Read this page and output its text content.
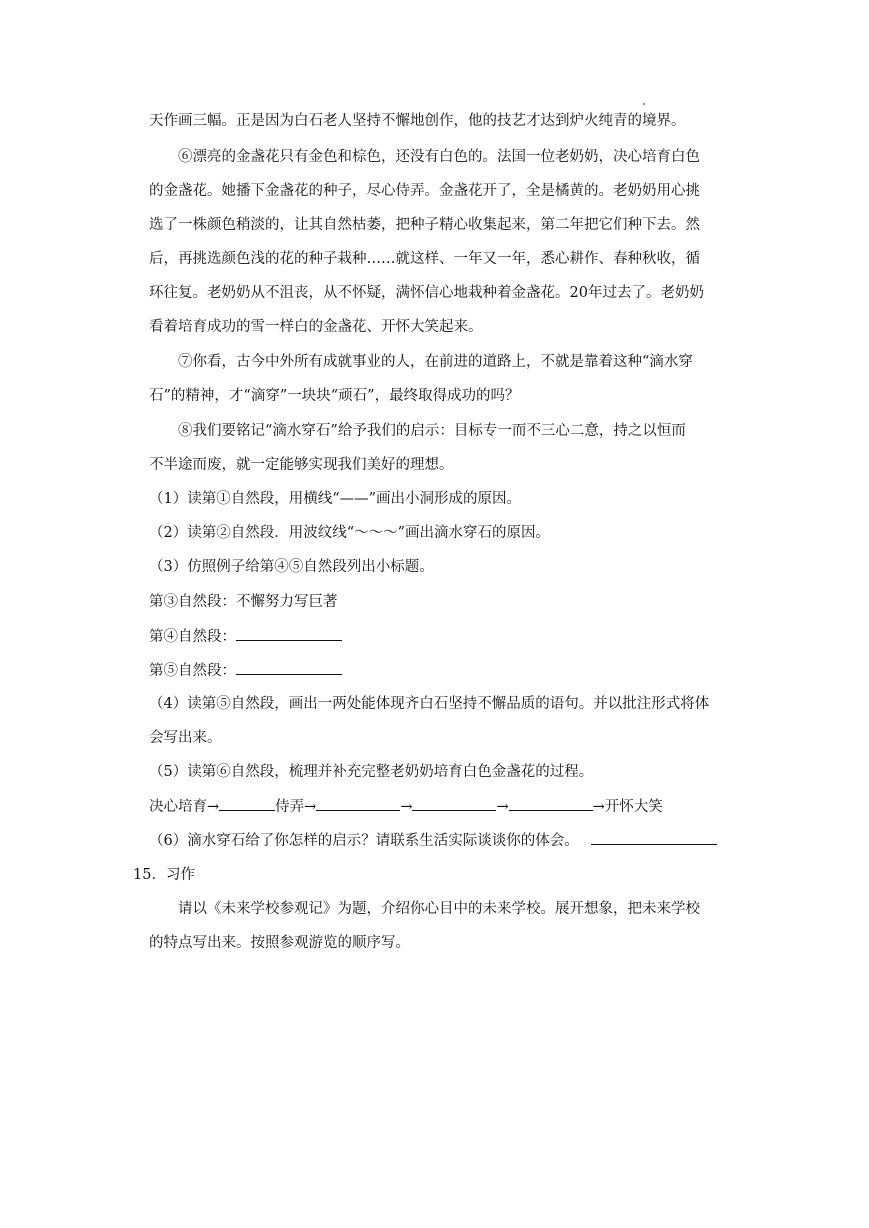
天作画三幅。正是因为白石老人坚持不懈地创作，他的技艺才达到炉火纯青的境界。
⑥漂亮的金盏花只有金色和棕色，还没有白色的。法国一位老奶奶，决心培育白色
的金盏花。她播下金盏花的种子，尽心侍弄。金盏花开了，全是橘黄的。老奶奶用心挑
选了一株颜色稍淡的，让其自然枯萎，把种子精心收集起来，第二年把它们种下去。然
后，再挑选颜色浅的花的种子栽种……就这样、一年又一年，悉心耕作、春种秋收，循
环往复。老奶奶从不沮丧，从不怀疑，满怀信心地栽种着金盏花。20年过去了。老奶奶
看着培育成功的雪一样白的金盏花、开怀大笑起来。
⑦你看，古今中外所有成就事业的人，在前进的道路上，不就是靠着这种“滴水穿
石”的精神，才“滴穿”一块块“顽石”，最终取得成功的吗？
⑧我们要铭记“滴水穿石”给予我们的启示：目标专一而不三心二意，持之以恒而
不半途而废，就一定能够实现我们美好的理想。
（1）读第①自然段，用横线“——”画出小洞形成的原因。
（2）读第②自然段．用波纹线“～～～”画出滴水穿石的原因。
（3）仿照例子给第④⑤自然段列出小标题。
第③自然段：不懈努力写巨著
第④自然段：
第⑤自然段：
（4）读第⑤自然段，画出一两处能体现齐白石坚持不懈品质的语句。并以批注形式将体
会写出来。
（5）读第⑥自然段，梳理并补充完整老奶奶培育白色金盏花的过程。
决心培育→	侍弄→	→	→	→开怀大笑
（6）滴水穿石给了你怎样的启示？请联系生活实际谈谈你的体会。
15．习作
请以《未来学校参观记》为题，介绍你心目中的未来学校。展开想象，把未来学校
的特点写出来。按照参观游览的顺序写。
